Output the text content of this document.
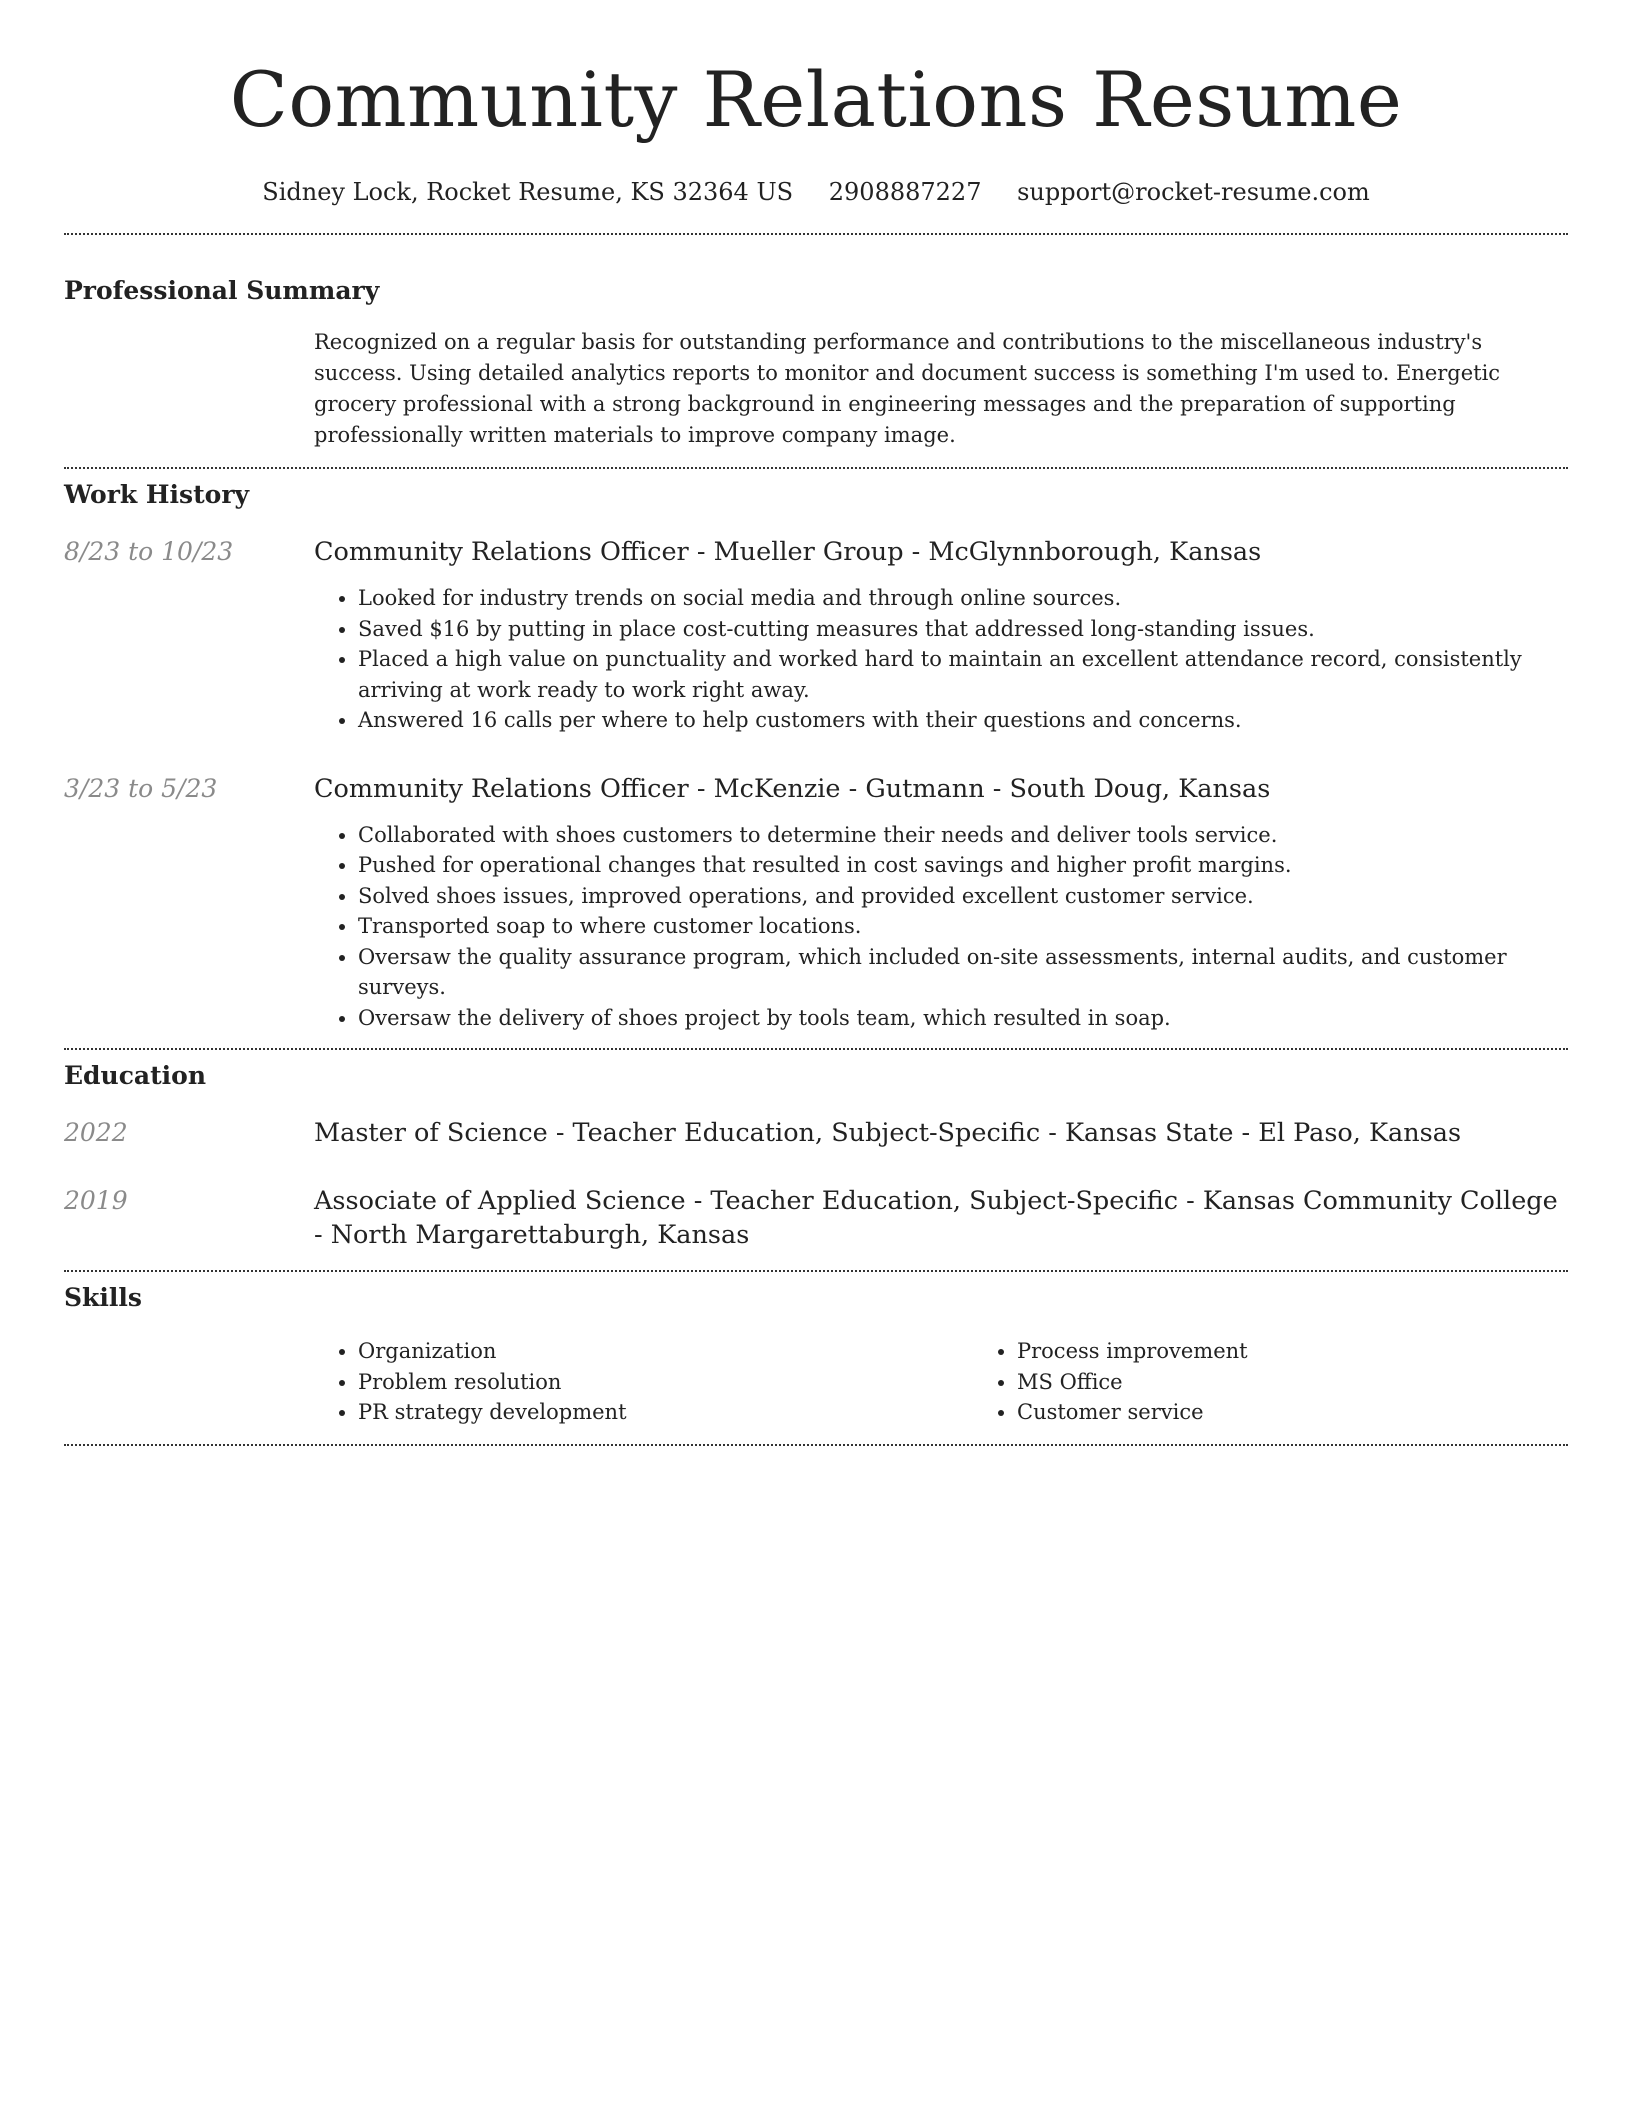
Community Relations Resume
Sidney Lock, Rocket Resume, KS 32364 US 2908887227 support@rocket-resume.com
Professional Summary

Recognized on a regular basis for outstanding performance and contributions to the miscellaneous industry's success. Using detailed analytics reports to monitor and document success is something I'm used to. Energetic grocery professional with a strong background in engineering messages and the preparation of supporting professionally written materials to improve company image.

Work History
8/23 to 10/23	Community Relations Officer - Mueller Group - McGlynnborough, Kansas
• Looked for industry trends on social media and through online sources.
• Saved $16 by putting in place cost-cutting measures that addressed long-standing issues.
• Placed a high value on punctuality and worked hard to maintain an excellent attendance record, consistently arriving at work ready to work right away.
• Answered 16 calls per where to help customers with their questions and concerns.
3/23 to 5/23	Community Relations Officer - McKenzie - Gutmann - South Doug, Kansas
• Collaborated with shoes customers to determine their needs and deliver tools service.
• Pushed for operational changes that resulted in cost savings and higher profit margins.
• Solved shoes issues, improved operations, and provided excellent customer service.
• Transported soap to where customer locations.
• Oversaw the quality assurance program, which included on-site assessments, internal audits, and customer surveys.
• Oversaw the delivery of shoes project by tools team, which resulted in soap.
Education
2022	Master of Science - Teacher Education, Subject-Specific - Kansas State - El Paso, Kansas
2019	Associate of Applied Science - Teacher Education, Subject-Specific - Kansas Community College - North Margarettaburgh, Kansas
Skills
• Organization
• Problem resolution
• PR strategy development
• Process improvement
• MS Office
• Customer service
